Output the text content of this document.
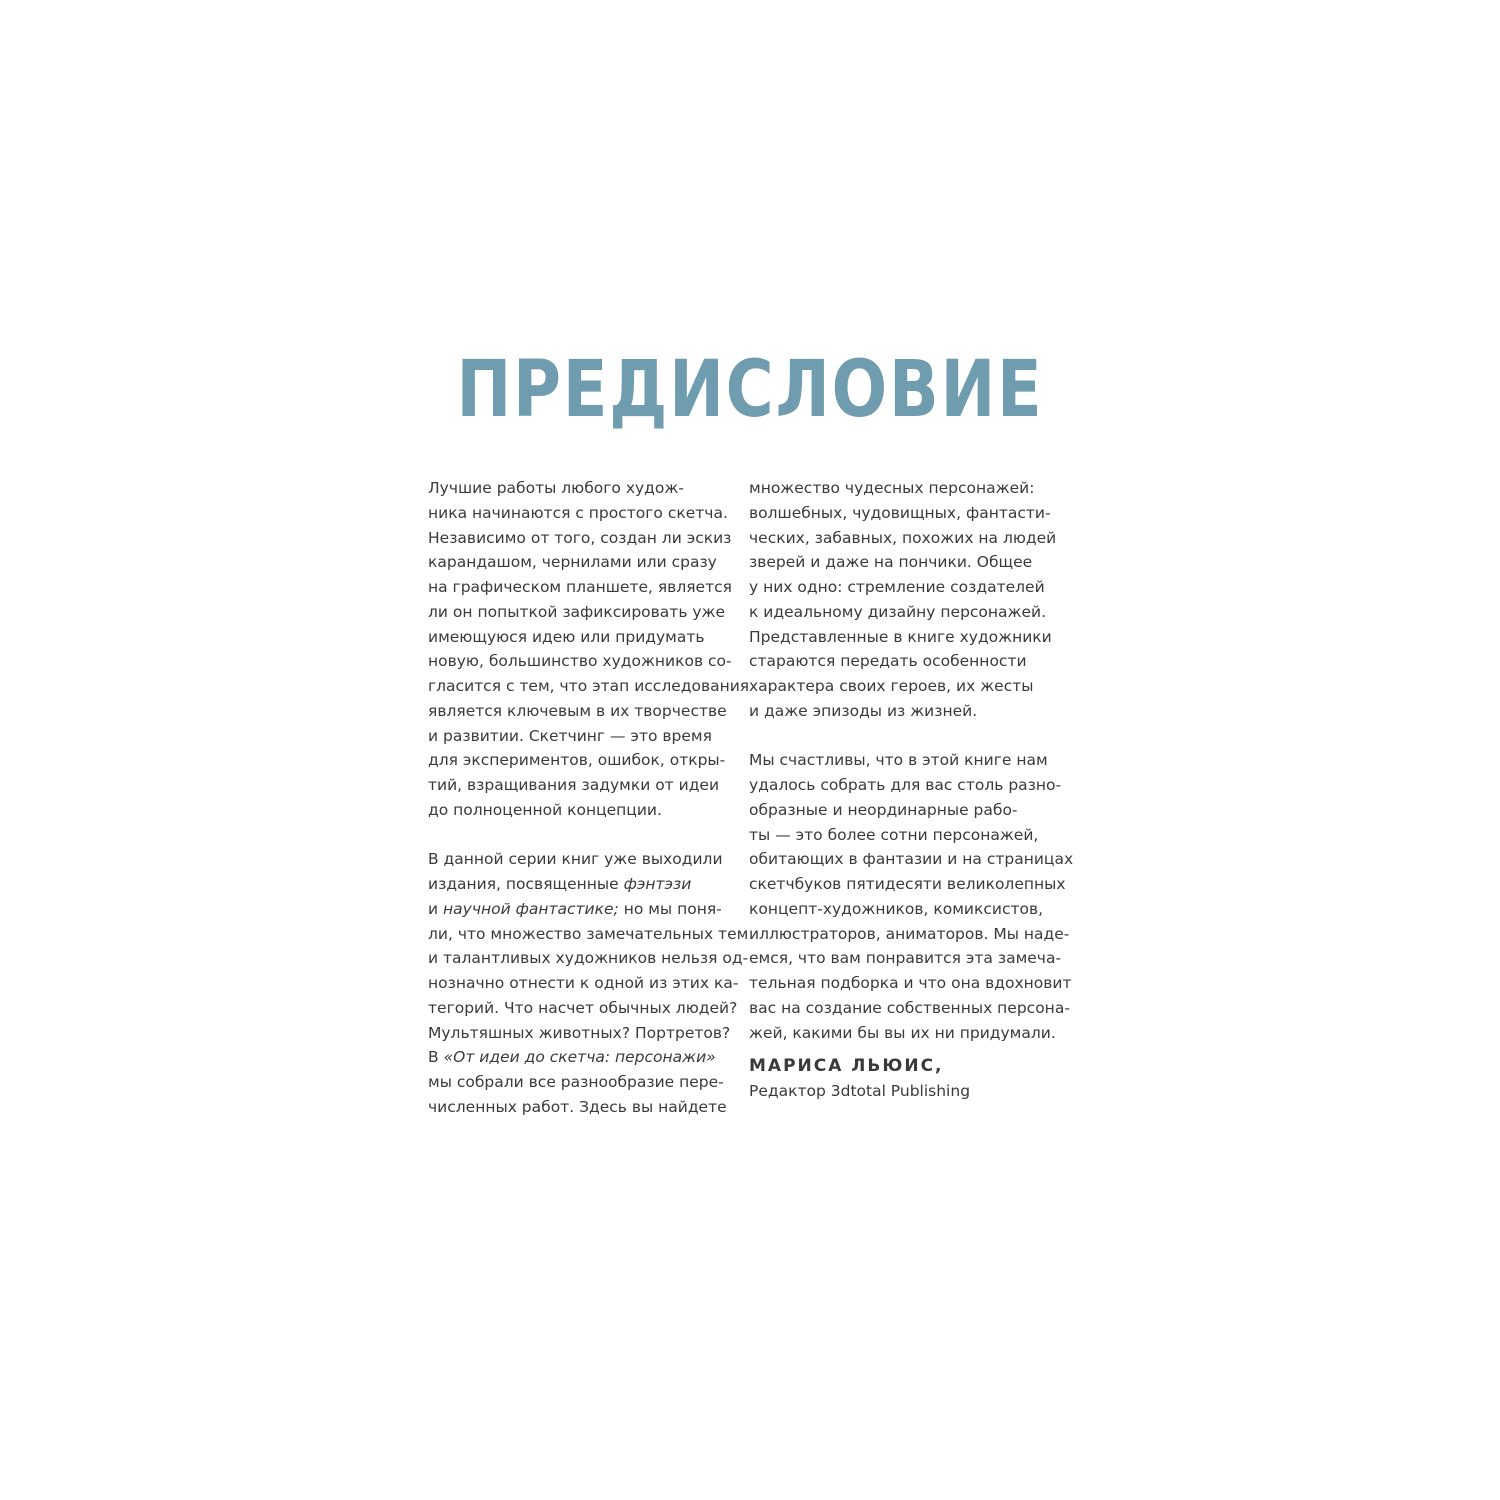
ПРЕДИСЛОВИЕ
Лучшие работы любого худож-
ника начинаются с простого скетча.
Независимо от того, создан ли эскиз
карандашом, чернилами или сразу
на графическом планшете, является
ли он попыткой зафиксировать уже
имеющуюся идею или придумать
новую, большинство художников со-
гласится с тем, что этап исследования
является ключевым в их творчестве
и развитии. Скетчинг — это время
для экспериментов, ошибок, откры-
тий, взращивания задумки от идеи
до полноценной концепции.
В данной серии книг уже выходили
издания, посвященные фэнтэзи
и научной фантастике; но мы поня-
ли, что множество замечательных тем
и талантливых художников нельзя од-
нозначно отнести к одной из этих ка-
тегорий. Что насчет обычных людей?
Мультяшных животных? Портретов?
В «От идеи до скетча: персонажи»
мы собрали все разнообразие пере-
численных работ. Здесь вы найдете
множество чудесных персонажей:
волшебных, чудовищных, фантасти-
ческих, забавных, похожих на людей
зверей и даже на пончики. Общее
у них одно: стремление создателей
к идеальному дизайну персонажей.
Представленные в книге художники
стараются передать особенности
характера своих героев, их жесты
и даже эпизоды из жизней.
Мы счастливы, что в этой книге нам
удалось собрать для вас столь разно-
образные и неординарные рабо-
ты — это более сотни персонажей,
обитающих в фантазии и на страницах
скетчбуков пятидесяти великолепных
концепт-художников, комиксистов,
иллюстраторов, аниматоров. Мы наде-
емся, что вам понравится эта замеча-
тельная подборка и что она вдохновит
вас на создание собственных персона-
жей, какими бы вы их ни придумали.
МАРИСА ЛЬЮИС,
Редактор 3dtotal Publishing
